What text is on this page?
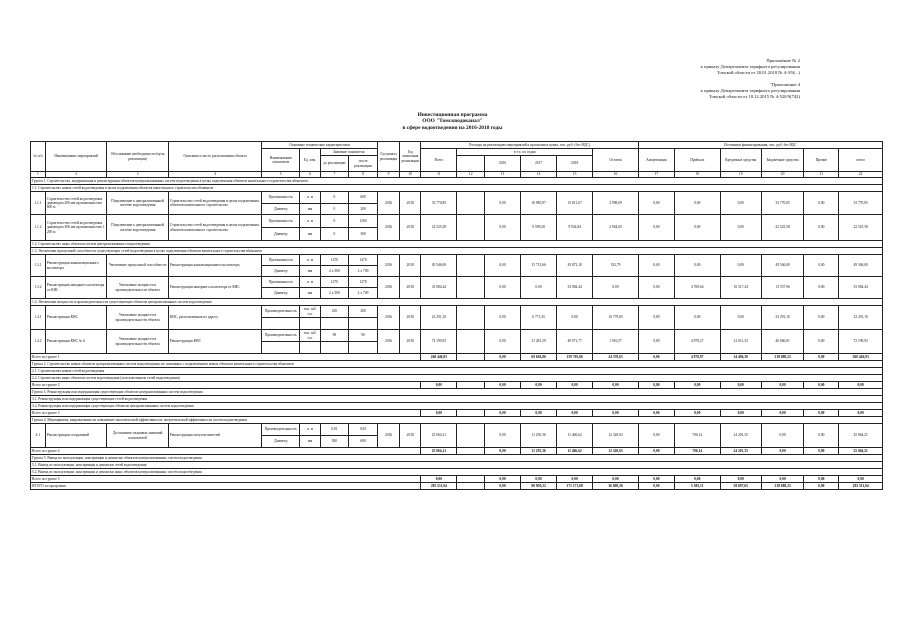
Приложение № 2
к приказу Департамента тарифного регулирования
Томской области от 20.01.2018 № 4-3/9(...)
"Приложение 4
к приказу Департамента тарифного регулирования
Томской области от 18.12.2015 № 4-520/9(742)
Инвестиционная программа
ООО "Томскводоканал"
в сфере водоотведения на 2016-2018 годы
№ п/п	Наименование мероприятий	Обоснование необходимости (цель реализации)	Описание и место расположения объекта	Основные технические характеристики				Год начала реализации	Год окончания реализации	Расходы на реализацию мероприятий в прогнозных ценах, тыс. руб. (без НДС)						Источники финансирования, тыс. руб. без НДС					
				Наименование показателя	Ед. изм.	Значение показателя				Всего	в т.ч. по годам				Остаток	Амортизация	Прибыль	Кредитные средства	Бюджетные средства	Прочие	итого
						до реализации	после реализации					2016	2017	2018							
1	2	3	4	5	6	7	8	9	10	11	12	13	14	15	16	17	18	19	20	21	22
Группа 1. Строительство, модернизация и реконструкция объектов централизованных систем водоотведения в целях подключения объектов капитального строительства абонентов																					
1.1. Строительство новых сетей водоотведения в целях подключения объектов капитального строительства абонентов																					
1.1.1	Строительство сетей водоотведения диаметром 200 мм протяженностью 600 м	Подключение к централизованной системе водоотведения	Строительство сетей водоотведения в целях подключения объектов капитального строительства	Протяженность	п. м	0	600	2016	2018	33 770,85		0,00	16 985,87	15 811,67	2 998,09	0,00	0,00	0,00	33 770,85	0,00	33 770,85
				Диаметр	мм	0	200														
1.1.2	Строительство сетей водоотведения диаметром 300 мм протяженностью 1 200 м	Подключение к централизованной системе водоотведения	Строительство сетей водоотведения в целях подключения объектов капитального строительства	Протяженность	п. м	0	1200	2016	2018	22 525,58		0,00	9 599,28	9 924,84	2 944,65	0,00	0,00	0,00	22 525,58	0,00	22 525,58
				Диаметр	мм	0	300														
1.2. Строительство иных объектов систем централизованного водоотведения																					
1.3. Увеличение пропускной способности существующих сетей водоотведения в целях подключения объектов капитального строительства абонентов																					
1.3.1	Реконструкция канализационного коллектора	Увеличение пропускной способности	Реконструкция канализационного коллектора	Протяженность	п. м	1470	1470	2016	2018	49 546,00		0,00	15 712,66	29 872,10	332,79	0,00	0,00	0,00	49 546,00	0,00	49 546,00
				Диаметр	мм	2 х 500	2 х 700														
1.3.2	Реконструкция напорного коллектора от КНС	Увеличение мощности и производительности объекта	Реконструкция напорного коллектора от КНС	Протяженность	п. м	1270	1270	2016	2018	33 084,44		0,00	0,00	33 084,44	0,00	0,00	4 708,64	16 317,24	13 557,96	0,00	33 084,44
				Диаметр	мм	2 х 500	2 х 700														
1.4. Увеличение мощности и производительности существующих объектов централизованных систем водоотведения																					
1.4.1	Реконструкция КНС	Увеличение мощности и производительности объекта	КНС, расположенная по адресу	Производительность	тыс. м3/сут	250	280	2016	2018	23 291,10		0,00	6 771,45	0,00	16 779,65	0,00	0,00	0,00	23 291,10	0,00	23 291,10

1.4.2	Реконструкция КНС № 6	Увеличение мощности и производительности объекта	Реконструкция КНС	Производительность	тыс. м3/сут	90	90	2016	2018	72 199,93		0,00	21 281,59	49 071,77	1 916,57	0,00	4 978,27	21 611,33	46 066,81	0,00	72 199,93

Всего по группе 1										260 446,83		0,00	69 656,86	159 705,06	24 378,63	0,00	4 878,97	34 496,30	218 688,23	0,00	260 446,83
Группа 2. Строительство новых объектов централизованных систем водоотведения, не связанных с подключением новых объектов капитального строительства абонентов																					
2.1. Строительство новых сетей водоотведения																					
2.2. Строительство иных объектов систем водоотведения (за исключением сетей водоотведения)																					
Всего по группе 2										0,00		0,00	0,00	0,00	0,00	0,00	0,00	0,00	0,00	0,00	0,00
Группа 3. Реконструкция или модернизация существующих объектов централизованных систем водоотведения																					
3.1. Реконструкция или модернизация существующих сетей водоотведения																					
3.2. Реконструкция или модернизация существующих объектов централизованных систем водоотведения																					
Всего по группе 3										0,00		0,00	0,00	0,00	0,00	0,00	0,00	0,00	0,00	0,00	0,00
Группа 4. Мероприятия, направленные на повышение экологической эффективности, энергетической эффективности систем водоотведения																					
4.1	Реконструкция сооружений	Достижение плановых значений показателей	Реконструкция илоуплотнителей	Производительность	п. м	0,81	0,81	2016	2018	25 064,21		0,00	11 293,36	11 466,62	12 320,63	0,00	706,14	24 201,35	0,00	0,00	25 064,21
				Диаметр	мм	500	600														
Всего по группе 4										25 064,21		0,00	11 293,36	11 466,62	12 320,63	0,00	706,14	24 201,35	0,00	0,00	25 064,21
Группа 5. Вывод из эксплуатации, консервация и демонтаж объектов централизованных систем водоотведения																					
5.1. Вывод из эксплуатации, консервация и демонтаж сетей водоотведения																					
5.2. Вывод из эксплуатации, консервация и демонтаж иных объектов централизованных систем водоотведения																					
Всего по группе 5										0,00		0,00	0,00	0,00	0,00	0,00	0,00	0,00	0,00	0,00	0,00
ИТОГО по программе										285 511,04		0,00	80 950,22	171 171,68	36 699,26	0,00	5 585,11	58 697,65	218 688,23	0,00	285 511,04
